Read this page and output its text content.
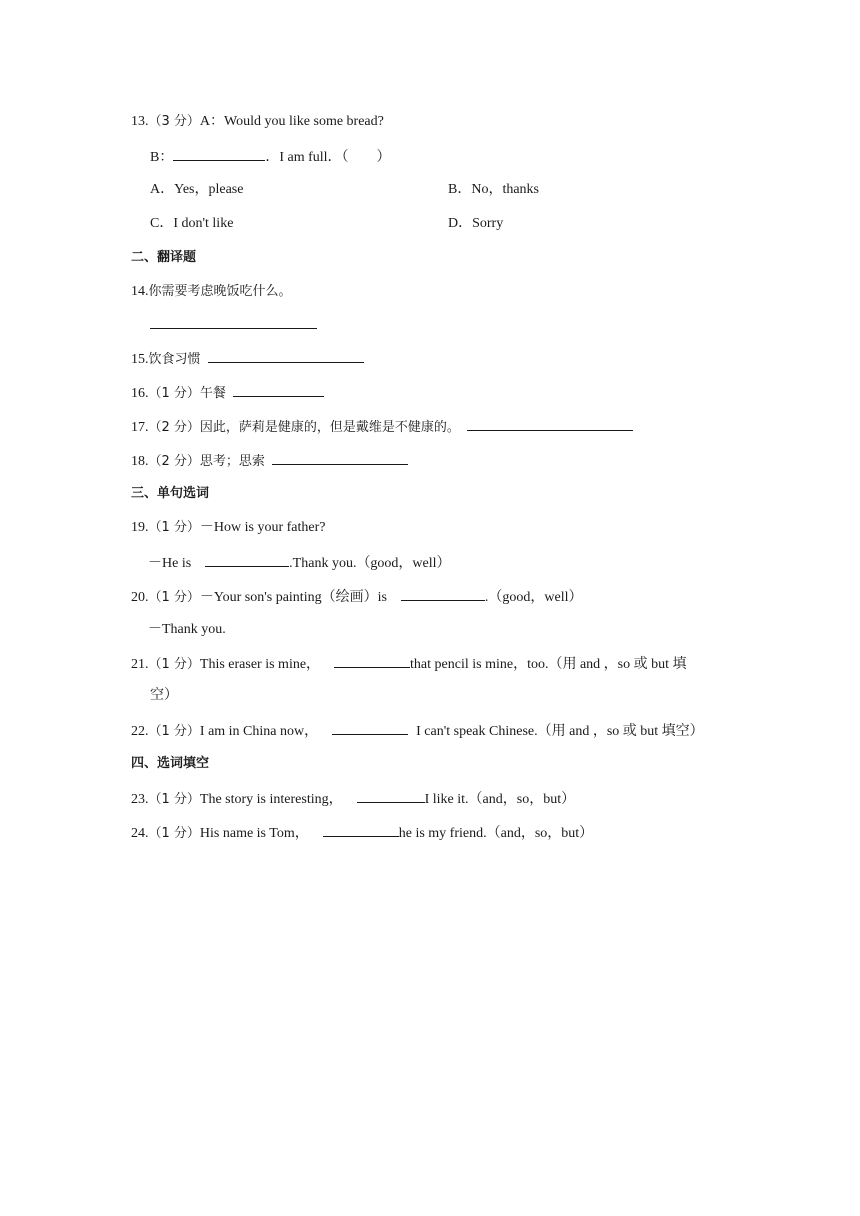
13.（3 分）A：Would you like some bread?
B：	．I am full．（　　）
A．Yes，please	B．No，thanks
C．I don't like	D．Sorry
二、翻译题
14.你需要考虑晚饭吃什么。
15.饮食习惯
16.（1 分）午餐
17.（2 分）因此，萨莉是健康的，但是戴维是不健康的。
18.（2 分）思考；思索
三、单句选词
19.（1 分）－How is your father?
－He is	.Thank you.（good，well）
20.（1 分）－Your son's painting（绘画）is	.（good，well）
－Thank you.
21.（1 分）This eraser is mine，	that pencil is mine，too.（用 and ，so 或 but 填
空）
22.（1 分）I am in China now，	I can't speak Chinese.（用 and ，so 或 but 填空）
四、选词填空
23.（1 分）The story is interesting，	I like it.（and，so，but）
24.（1 分）His name is Tom，	he is my friend.（and，so，but）
